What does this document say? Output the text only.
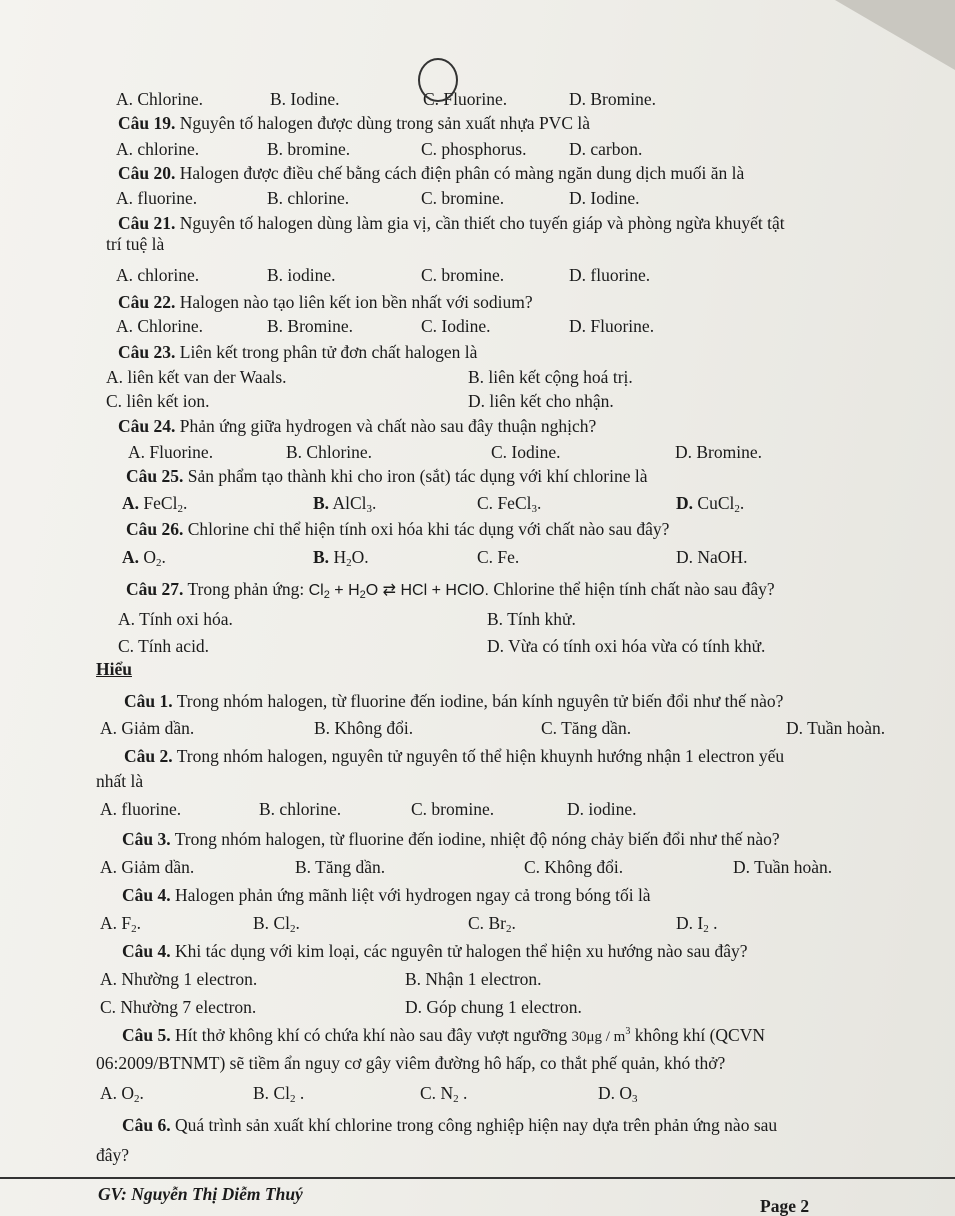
A. Chlorine.	B. Iodine.	C. Fluorine.	D. Bromine.
Câu 19. Nguyên tố halogen được dùng trong sản xuất nhựa PVC là
A. chlorine.	B. bromine.	C. phosphorus. D. carbon.
Câu 20. Halogen được điều chế bằng cách điện phân có màng ngăn dung dịch muối ăn là
A. fluorine.	B. chlorine.	C. bromine.	D. Iodine.
Câu 21. Nguyên tố halogen dùng làm gia vị, cần thiết cho tuyến giáp và phòng ngừa khuyết tật
trí tuệ là
A. chlorine.	B. iodine.	C. bromine.	D. fluorine.
Câu 22. Halogen nào tạo liên kết ion bền nhất với sodium?
A. Chlorine.	B. Bromine.	C. Iodine.	D. Fluorine.
Câu 23. Liên kết trong phân tử đơn chất halogen là
A. liên kết van der Waals.	B. liên kết cộng hoá trị.
C. liên kết ion.	D. liên kết cho nhận.
Câu 24. Phản ứng giữa hydrogen và chất nào sau đây thuận nghịch?
A. Fluorine.	B. Chlorine.	C. Iodine.	D. Bromine.
Câu 25. Sản phẩm tạo thành khi cho iron (sắt) tác dụng với khí chlorine là
A. FeCl$_2$.	B. AlCl$_3$.	C. FeCl$_3$.	D. CuCl$_2$.
Câu 26. Chlorine chỉ thể hiện tính oxi hóa khi tác dụng với chất nào sau đây?
A. $O_2$.	B. $H_2O$.	C. Fe.	D. NaOH.
Câu 27. Trong phản ứng: $Cl_2 + H_2O$ ⇄ HCl + HClO. Chlorine thể hiện tính chất nào sau đây?
A. Tính oxi hóa.	B. Tính khử.
C. Tính acid.	D. Vừa có tính oxi hóa vừa có tính khử.
Hiểu
Câu 1. Trong nhóm halogen, từ fluorine đến iodine, bán kính nguyên tử biến đổi như thế nào?
A. Giảm dần.	B. Không đổi.	C. Tăng dần.	D. Tuần hoàn.
Câu 2. Trong nhóm halogen, nguyên tử nguyên tố thể hiện khuynh hướng nhận 1 electron yếu
nhất là
A. fluorine.	B. chlorine.	C. bromine.	D. iodine.
Câu 3. Trong nhóm halogen, từ fluorine đến iodine, nhiệt độ nóng chảy biến đổi như thế nào?
A. Giảm dần.	B. Tăng dần.	C. Không đổi.	D. Tuần hoàn.
Câu 4. Halogen phản ứng mãnh liệt với hydrogen ngay cả trong bóng tối là
A. $F_2$.	B. $Cl_2$.	C. $Br_2$.	D. $I_2$ .
Câu 4. Khi tác dụng với kim loại, các nguyên tử halogen thể hiện xu hướng nào sau đây?
A. Nhường 1 electron.	B. Nhận 1 electron.
C. Nhường 7 electron.	D. Góp chung 1 electron.
Câu 5. Hít thở không khí có chứa khí nào sau đây vượt ngưỡng $30\mu g / m^3$ không khí (QCVN
06:2009/BTNMT) sẽ tiềm ẩn nguy cơ gây viêm đường hô hấp, co thắt phế quản, khó thở?
A. $O_2$.	B. $Cl_2$ .	C. $N_2$ .	D. $O_3$
Câu 6. Quá trình sản xuất khí chlorine trong công nghiệp hiện nay dựa trên phản ứng nào sau
đây?
GV: Nguyễn Thị Diễm Thuý
Page 2
